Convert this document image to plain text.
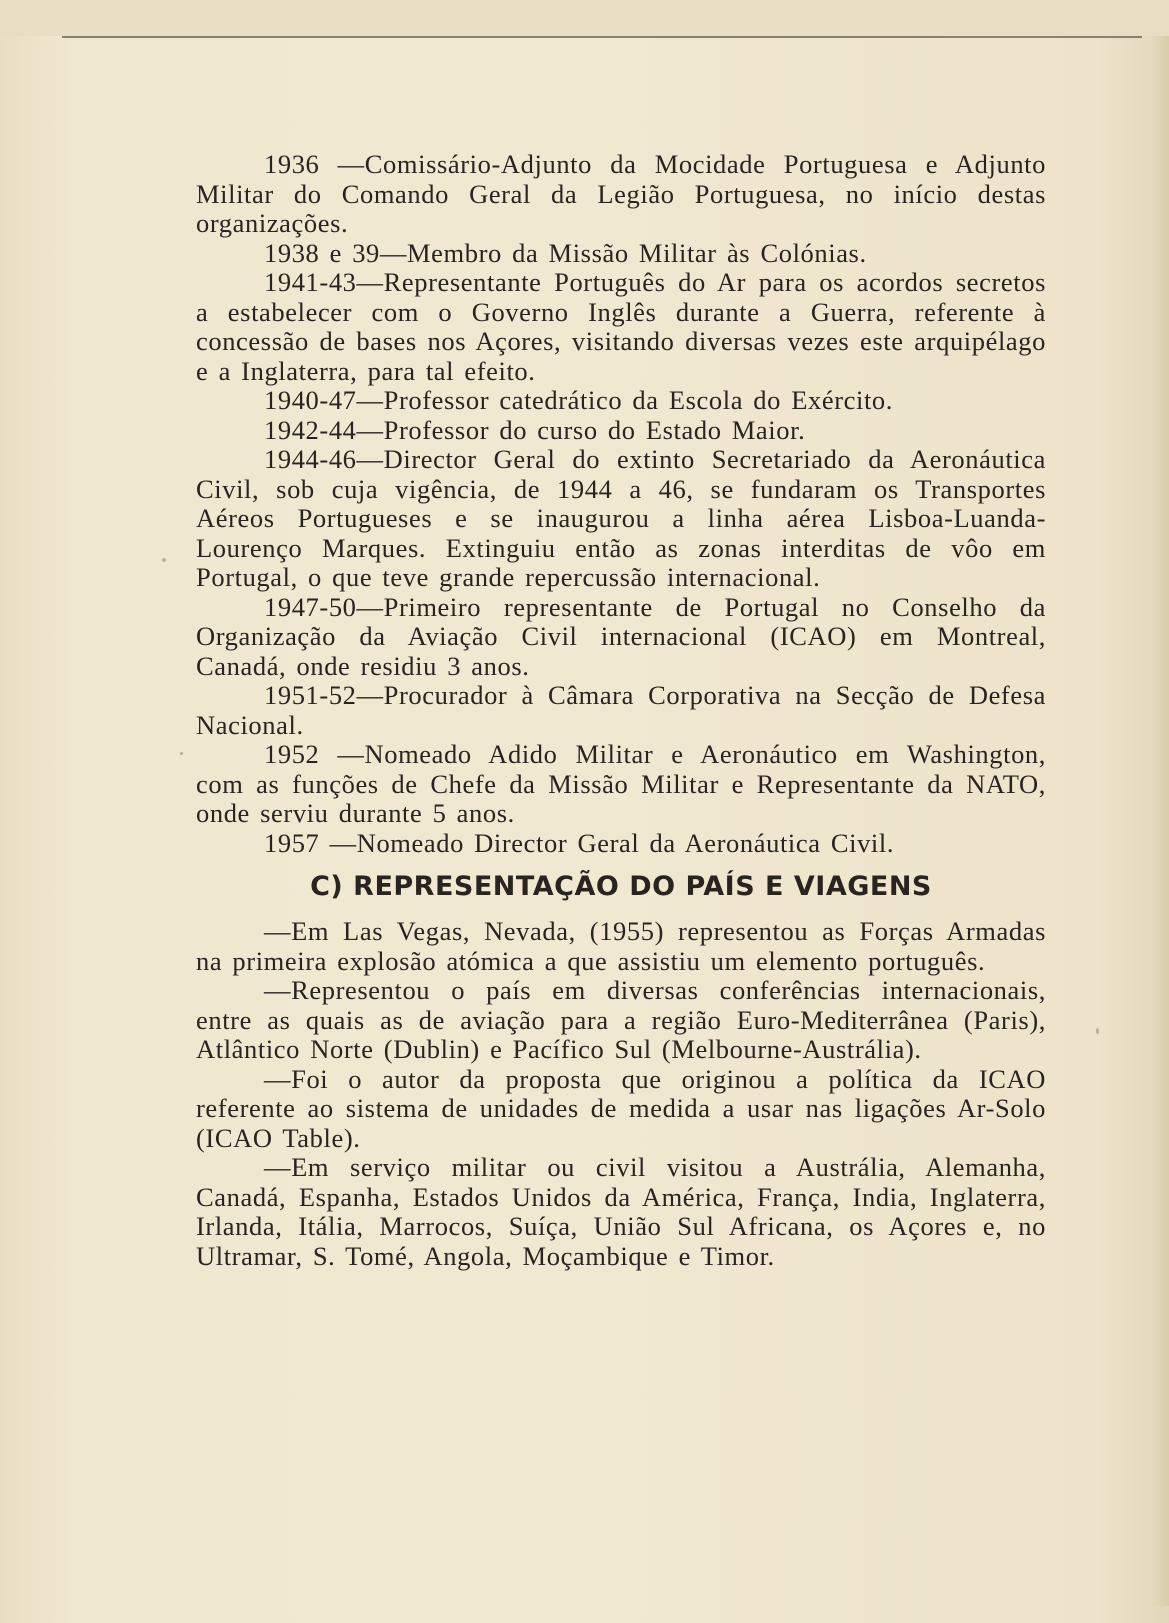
1936 —Comissário-Adjunto da Mocidade Portuguesa e Adjunto Militar do Comando Geral da Legião Portuguesa, no início destas organizações.

1938 e 39—Membro da Missão Militar às Colónias.

1941-43—Representante Português do Ar para os acordos secretos a estabelecer com o Governo Inglês durante a Guerra, referente à concessão de bases nos Açores, visitando diversas vezes este arquipélago e a Inglaterra, para tal efeito.

1940-47—Professor catedrático da Escola do Exército.

1942-44—Professor do curso do Estado Maior.

1944-46—Director Geral do extinto Secretariado da Aeronáutica Civil, sob cuja vigência, de 1944 a 46, se fundaram os Transportes Aéreos Portugueses e se inaugurou a linha aérea Lisboa-Luanda-Lourenço Marques. Extinguiu então as zonas interditas de vôo em Portugal, o que teve grande repercussão internacional.

1947-50—Primeiro representante de Portugal no Conselho da Organização da Aviação Civil internacional (ICAO) em Montreal, Canadá, onde residiu 3 anos.

1951-52—Procurador à Câmara Corporativa na Secção de Defesa Nacional.

1952 —Nomeado Adido Militar e Aeronáutico em Washington, com as funções de Chefe da Missão Militar e Representante da NATO, onde serviu durante 5 anos.

1957 —Nomeado Director Geral da Aeronáutica Civil.

C) REPRESENTAÇÃO DO PAÍS E VIAGENS

—Em Las Vegas, Nevada, (1955) representou as Forças Armadas na primeira explosão atómica a que assistiu um elemento português.

—Representou o país em diversas conferências internacionais, entre as quais as de aviação para a região Euro-Mediterrânea (Paris), Atlântico Norte (Dublin) e Pacífico Sul (Melbourne-Austrália).

—Foi o autor da proposta que originou a política da ICAO referente ao sistema de unidades de medida a usar nas ligações Ar-Solo (ICAO Table).

—Em serviço militar ou civil visitou a Austrália, Alemanha, Canadá, Espanha, Estados Unidos da América, França, India, Inglaterra, Irlanda, Itália, Marrocos, Suíça, União Sul Africana, os Açores e, no Ultramar, S. Tomé, Angola, Moçambique e Timor.
